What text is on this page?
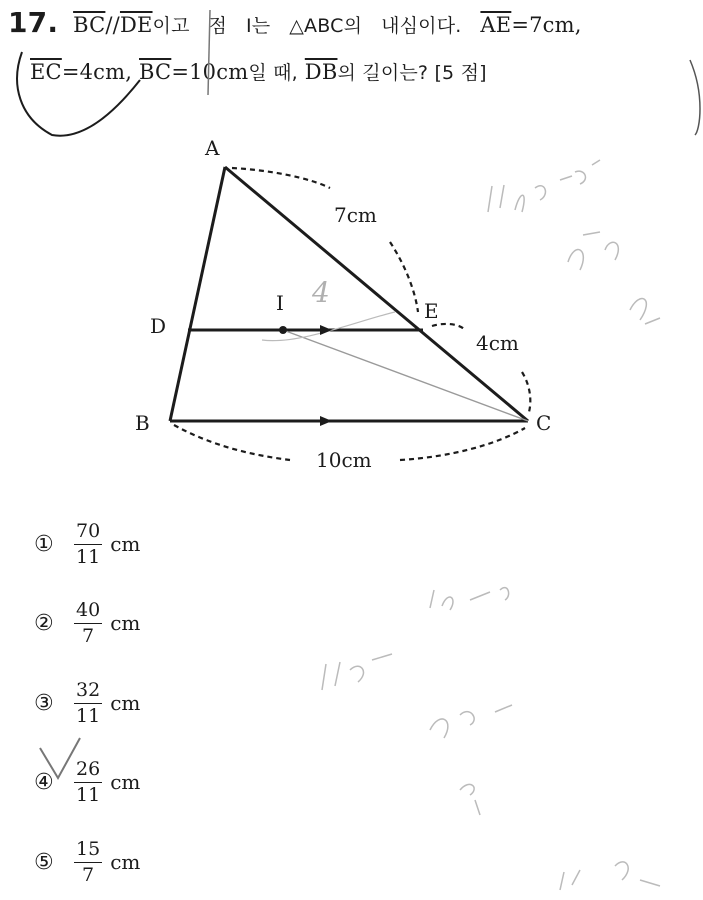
17. $\overline{BC}//\overline{DE}$이고 점 I는 △ABC의 내심이다. $\overline{AE}=7cm$,
$\overline{EC}=4cm$, $\overline{BC}=10cm$일 때, $\overline{DB}$의 길이는? [5 점]
A
B	C
D
E
I
7cm
4cm
10cm
4
①	$\frac{70}{11}$ cm
②	$\frac{40}{7}$ cm
③	$\frac{32}{11}$ cm
④	$\frac{26}{11}$ cm
⑤	$\frac{15}{7}$ cm
